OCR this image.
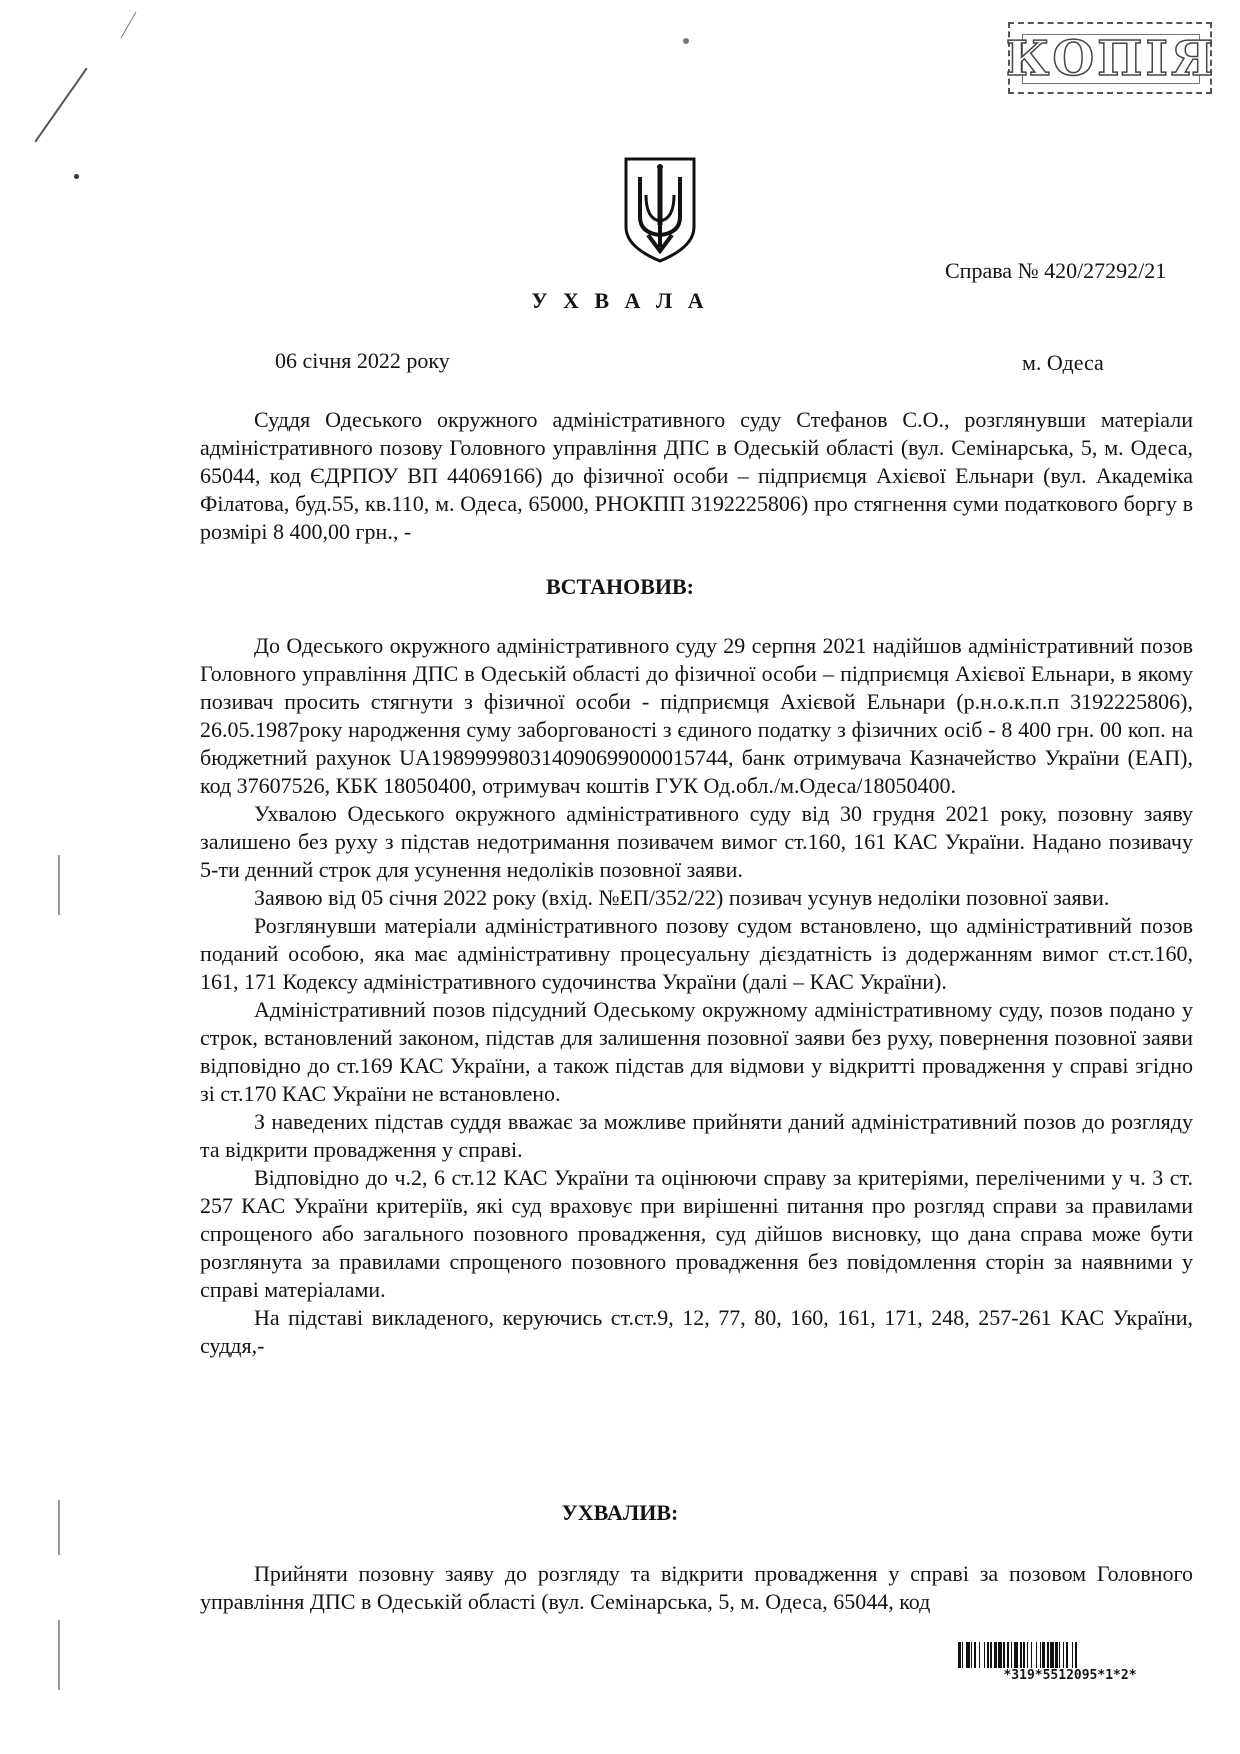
КОПІЯ
Справа № 420/27292/21
У Х В А Л А
06 січня 2022 року	м. Одеса

Суддя Одеського окружного адміністративного суду Стефанов С.О., розглянувши матеріали адміністративного позову Головного управління ДПС в Одеській області (вул. Семінарська, 5, м. Одеса, 65044, код ЄДРПОУ ВП 44069166) до фізичної особи – підприємця Ахієвої Ельнари (вул. Академіка Філатова, буд.55, кв.110, м. Одеса, 65000, РНОКПП 3192225806) про стягнення суми податкового боргу в розмірі 8 400,00 грн., -

ВСТАНОВИВ:

До Одеського окружного адміністративного суду 29 серпня 2021 надійшов адміністративний позов Головного управління ДПС в Одеській області до фізичної особи – підприємця Ахієвої Ельнари, в якому позивач просить стягнути з фізичної особи - підприємця Ахієвой Ельнари (р.н.о.к.п.п 3192225806), 26.05.1987року народження суму заборгованості з єдиного податку з фізичних осіб - 8 400 грн. 00 коп. на бюджетний рахунок UA198999980314090699000015744, банк отримувача Казначейство України (ЕАП), код 37607526, КБК 18050400, отримувач коштів ГУК Од.обл./м.Одеса/18050400.

Ухвалою Одеського окружного адміністративного суду від 30 грудня 2021 року, позовну заяву залишено без руху з підстав недотримання позивачем вимог ст.160, 161 КАС України. Надано позивачу 5-ти денний строк для усунення недоліків позовної заяви.

Заявою від 05 січня 2022 року (вхід. №ЕП/352/22) позивач усунув недоліки позовної заяви.

Розглянувши матеріали адміністративного позову судом встановлено, що адміністративний позов поданий особою, яка має адміністративну процесуальну дієздатність із додержанням вимог ст.ст.160, 161, 171 Кодексу адміністративного судочинства України (далі – КАС України).

Адміністративний позов підсудний Одеському окружному адміністративному суду, позов подано у строк, встановлений законом, підстав для залишення позовної заяви без руху, повернення позовної заяви відповідно до ст.169 КАС України, а також підстав для відмови у відкритті провадження у справі згідно зі ст.170 КАС України не встановлено.

З наведених підстав суддя вважає за можливе прийняти даний адміністративний позов до розгляду та відкрити провадження у справі.

Відповідно до ч.2, 6 ст.12 КАС України та оцінюючи справу за критеріями, переліченими у ч. 3 ст. 257 КАС України критеріїв, які суд враховує при вирішенні питання про розгляд справи за правилами спрощеного або загального позовного провадження, суд дійшов висновку, що дана справа може бути розглянута за правилами спрощеного позовного провадження без повідомлення сторін за наявними у справі матеріалами.

На підставі викладеного, керуючись ст.ст.9, 12, 77, 80, 160, 161, 171, 248, 257-261 КАС України, суддя,-

УХВАЛИВ:

Прийняти позовну заяву до розгляду та відкрити провадження у справі за позовом Головного управління ДПС в Одеській області (вул. Семінарська, 5, м. Одеса, 65044, код

*319*5512095*1*2*
